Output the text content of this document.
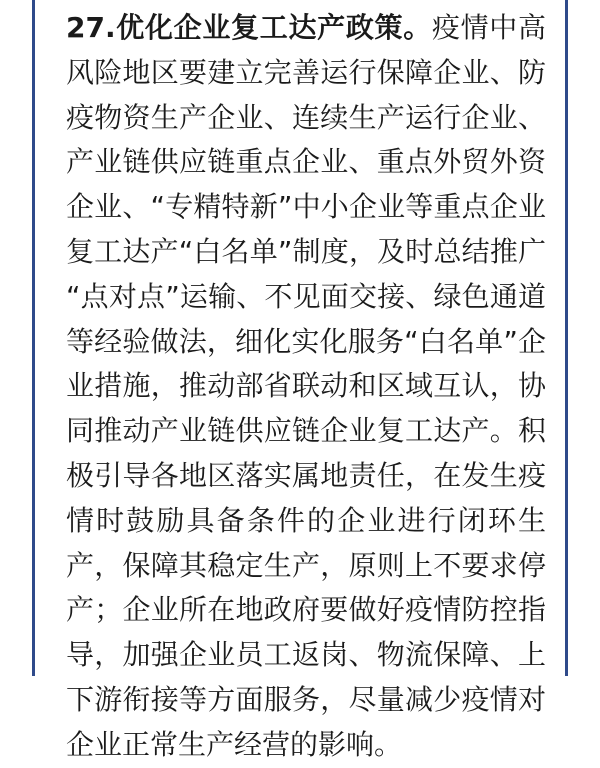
27.优化企业复工达产政策。疫情中高
风险地区要建立完善运行保障企业、防
疫物资生产企业、连续生产运行企业、
产业链供应链重点企业、重点外贸外资
企业、“专精特新”中小企业等重点企业
复工达产“白名单”制度，及时总结推广
“点对点”运输、不见面交接、绿色通道
等经验做法，细化实化服务“白名单”企
业措施，推动部省联动和区域互认，协
同推动产业链供应链企业复工达产。积
极引导各地区落实属地责任，在发生疫
情时鼓励具备条件的企业进行闭环生
产，保障其稳定生产，原则上不要求停
产；企业所在地政府要做好疫情防控指
导，加强企业员工返岗、物流保障、上
下游衔接等方面服务，尽量减少疫情对
企业正常生产经营的影响。
